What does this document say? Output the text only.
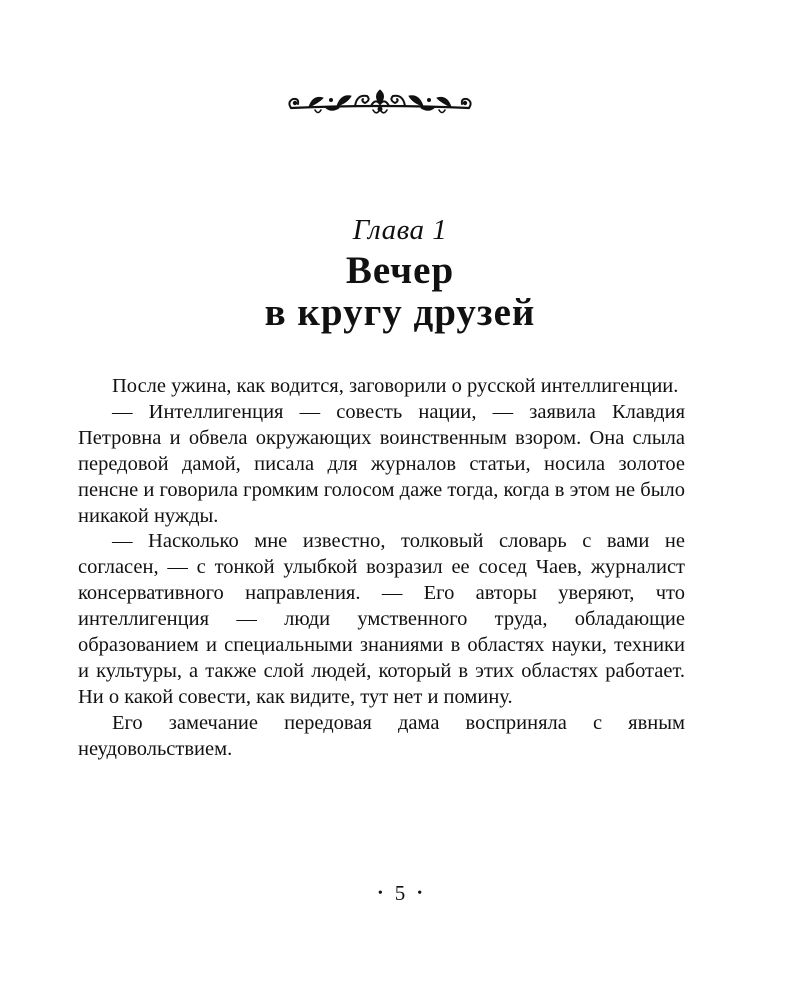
Глава 1
Вечер
в кругу друзей

После ужина, как водится, заговорили о русской интеллигенции.

— Интеллигенция — совесть нации, — заявила Клавдия Петровна и обвела окружающих воинственным взором. Она слыла передовой дамой, писала для журналов статьи, носила золотое пенсне и говорила громким голосом даже тогда, когда в этом не было никакой нужды.

— Насколько мне известно, толковый словарь с вами не согласен, — с тонкой улыбкой возразил ее сосед Чаев, журналист консервативного направления. — Его авторы уверяют, что интеллигенция — люди умственного труда, обладающие образованием и специальными знаниями в областях науки, техники и культуры, а также слой людей, который в этих областях работает. Ни о какой совести, как видите, тут нет и помину.

Его замечание передовая дама восприняла с явным неудовольствием.

• 5 •
